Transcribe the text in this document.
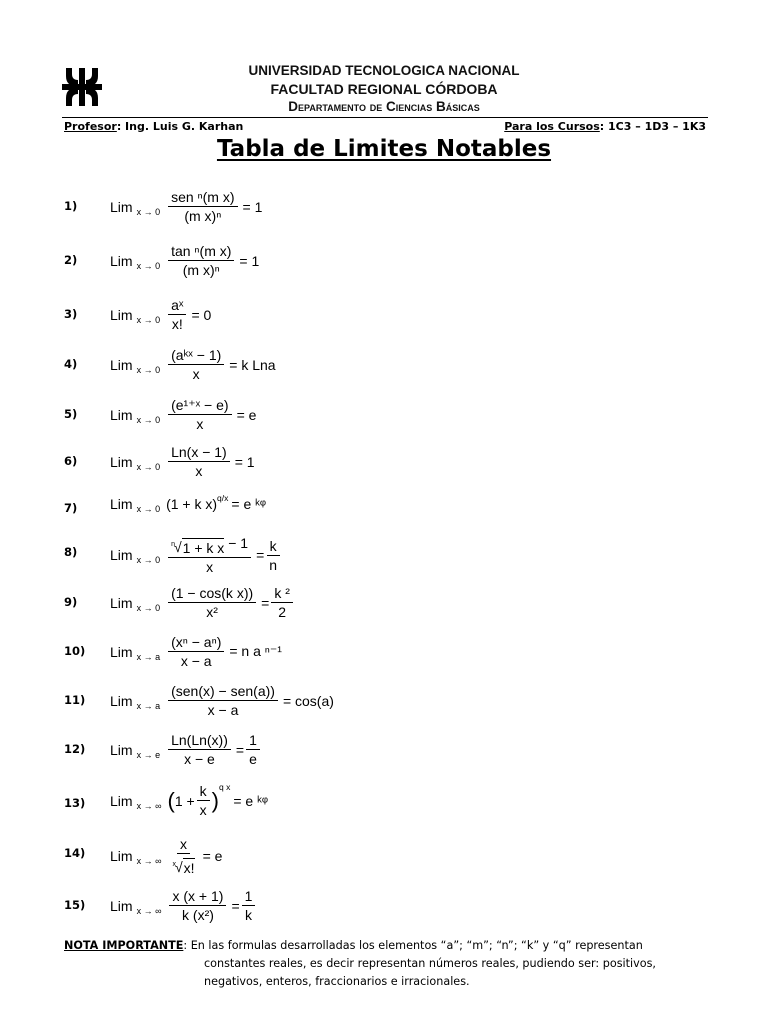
UNIVERSIDAD TECNOLOGICA NACIONAL
FACULTAD REGIONAL CÓRDOBA
Departamento de Ciencias Básicas
Profesor: Ing. Luis G. Karhan	Para los Cursos: 1C3 – 1D3 – 1K3
Tabla de Limites Notables
1) Lim $x \to 0 \frac{\text{sen ⁿ(m x)}}{\text{(m x)ⁿ}} = 1$
2) Lim $x \to 0 \frac{\text{tan ⁿ(m x)}}{\text{(m x)ⁿ}} = 1$
3) Lim $x \to 0 \frac{\text{aˣ}}{x!} = 0$
4) Lim $x \to 0 \frac{\text{(aᵏˣ − 1)}}{x} = k$ Lna
5) Lim $x \to 0 \frac{\text{(e¹⁺ˣ − e)}}{x} = e$
6) Lim $x \to 0 \frac{Ln(x - 1)}{x} = 1$
7) Lim x → 0 (1 + k x) q/x = e ᵏᵠ
8) Lim $x \to 0 \frac{\text{n √ 1 + k x − 1}}{x} = \frac{k}{n}$
9) Lim $x \to 0 \frac{\text{(1 − cos(k x))}}{\text{x²}} = \frac{\text{k ²}}{2}$
10) Lim x → a $\frac{\text{(xⁿ − aⁿ)}}{x - a} = n$ a ⁿ⁻¹
11) Lim x → a $\frac{\text{(sen(x) − sen(a))}}{x - a} = \cos(a)$
12) Lim x → e $\frac{Ln(Ln(x))}{x - e} = \frac{1}{e}$
13) Lim x → ∞ ( $1 + \frac{k}{x}$ )
q x
= e ᵏᵠ
14) Lim x → ∞ $\frac{x}{x √ x!} = e$
15) Lim x → ∞ $\frac{x (x + 1)}{\text{k (x²)}} = \frac{1}{k}$
NOTA IMPORTANTE: En las formulas desarrolladas los elementos “a”; “m”; “n”; “k” y “q” representan
constantes reales, es decir representan números reales, pudiendo ser: positivos,
negativos, enteros, fraccionarios e irracionales.
